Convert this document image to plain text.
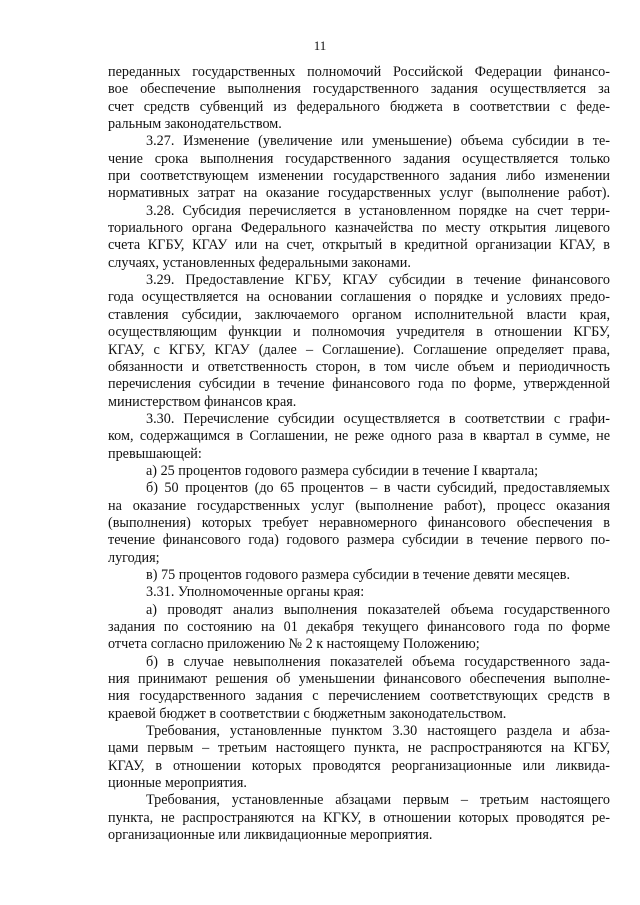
11
переданных государственных полномочий Российской Федерации финансо-
вое обеспечение выполнения государственного задания осуществляется за
счет средств субвенций из федерального бюджета в соответствии с феде-
ральным законодательством.
3.27. Изменение (увеличение или уменьшение) объема субсидии в те-
чение срока выполнения государственного задания осуществляется только
при соответствующем изменении государственного задания либо изменении
нормативных затрат на оказание государственных услуг (выполнение работ).
3.28. Субсидия перечисляется в установленном порядке на счет терри-
ториального органа Федерального казначейства по месту открытия лицевого
счета КГБУ, КГАУ или на счет, открытый в кредитной организации КГАУ, в
случаях, установленных федеральными законами.
3.29. Предоставление КГБУ, КГАУ субсидии в течение финансового
года осуществляется на основании соглашения о порядке и условиях предо-
ставления субсидии, заключаемого органом исполнительной власти края,
осуществляющим функции и полномочия учредителя в отношении КГБУ,
КГАУ, с КГБУ, КГАУ (далее – Соглашение). Соглашение определяет права,
обязанности и ответственность сторон, в том числе объем и периодичность
перечисления субсидии в течение финансового года по форме, утвержденной
министерством финансов края.
3.30. Перечисление субсидии осуществляется в соответствии с графи-
ком, содержащимся в Соглашении, не реже одного раза в квартал в сумме, не
превышающей:
а) 25 процентов годового размера субсидии в течение I квартала;
б) 50 процентов (до 65 процентов – в части субсидий, предоставляемых
на оказание государственных услуг (выполнение работ), процесс оказания
(выполнения) которых требует неравномерного финансового обеспечения в
течение финансового года) годового размера субсидии в течение первого по-
лугодия;
в) 75 процентов годового размера субсидии в течение девяти месяцев.
3.31. Уполномоченные органы края:
а) проводят анализ выполнения показателей объема государственного
задания по состоянию на 01 декабря текущего финансового года по форме
отчета согласно приложению № 2 к настоящему Положению;
б) в случае невыполнения показателей объема государственного зада-
ния принимают решения об уменьшении финансового обеспечения выполне-
ния государственного задания с перечислением соответствующих средств в
краевой бюджет в соответствии с бюджетным законодательством.
Требования, установленные пунктом 3.30 настоящего раздела и абза-
цами первым – третьим настоящего пункта, не распространяются на КГБУ,
КГАУ, в отношении которых проводятся реорганизационные или ликвида-
ционные мероприятия.
Требования, установленные абзацами первым – третьим настоящего
пункта, не распространяются на КГКУ, в отношении которых проводятся ре-
организационные или ликвидационные мероприятия.
